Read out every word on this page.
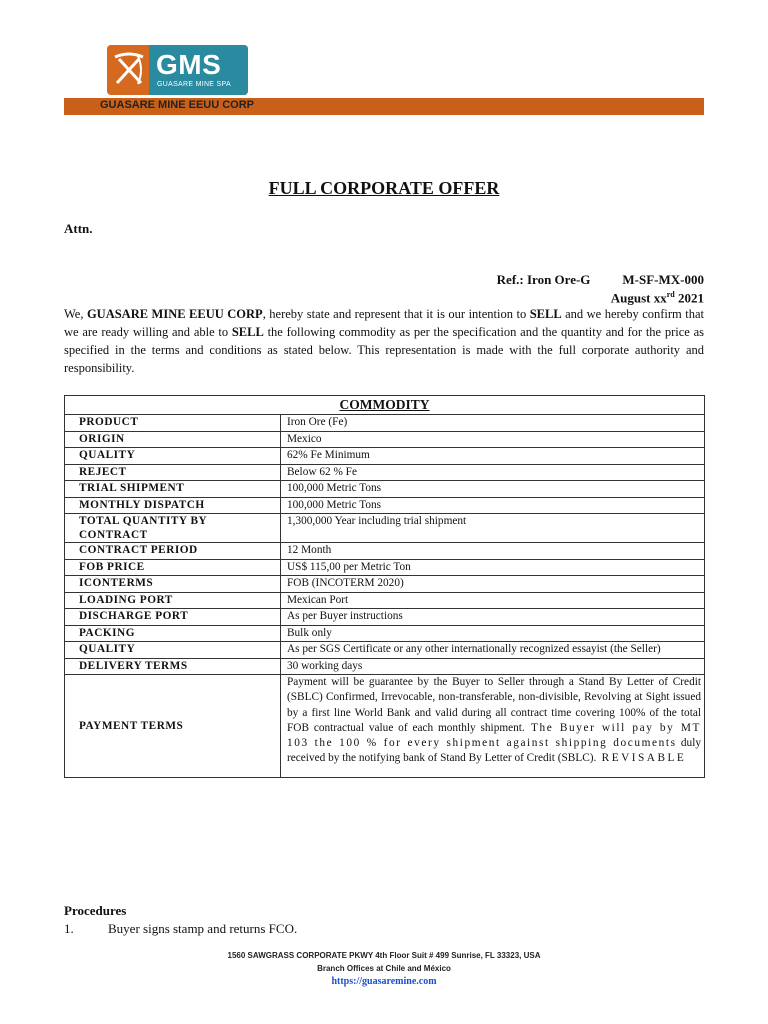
GMS
GUASARE MINE SPA
GUASARE MINE EEUU CORP
FULL CORPORATE OFFER
Attn.
Ref.: Iron Ore-G M-SF-MX-000
August $xx^{rd}$ 2021
We, GUASARE MINE EEUU CORP, hereby state and represent that it is our intention to SELL and we hereby confirm that we are ready willing and able to SELL the following commodity as per the specification and the quantity and for the price as specified in the terms and conditions as stated below. This representation is made with the full corporate authority and responsibility.
COMMODITY	
PRODUCT	Iron Ore (Fe)
ORIGIN	Mexico
QUALITY	62% Fe Minimum
REJECT	Below 62 % Fe
TRIAL SHIPMENT	100,000 Metric Tons
MONTHLY DISPATCH	100,000 Metric Tons
TOTAL QUANTITY BY CONTRACT	1,300,000 Year including trial shipment
CONTRACT PERIOD	12 Month
FOB PRICE	US$ 115,00 per Metric Ton
ICONTERMS	FOB (INCOTERM 2020)
LOADING PORT	Mexican Port
DISCHARGE PORT	As per Buyer instructions
PACKING	Bulk only
QUALITY	As per SGS Certificate or any other internationally recognized essayist (the Seller)
DELIVERY TERMS	30 working days
PAYMENT TERMS	Payment will be guarantee by the Buyer to Seller through a Stand By Letter of Credit (SBLC) Confirmed, Irrevocable, non-transferable, non-divisible, Revolving at Sight issued by a first line World Bank and valid during all contract time covering 100% of the total FOB contractual value of each monthly shipment. The Buyer will pay by MT 103 the 100 % for every shipment against shipping documents duly received by the notifying bank of Stand By Letter of Credit (SBLC). REVISABLE
Procedures
1.	Buyer signs stamp and returns FCO.
1560 SAWGRASS CORPORATE PKWY 4th Floor Suit # 499 Sunrise, FL 33323, USA
Branch Offices at Chile and México
https://guasaremine.com
